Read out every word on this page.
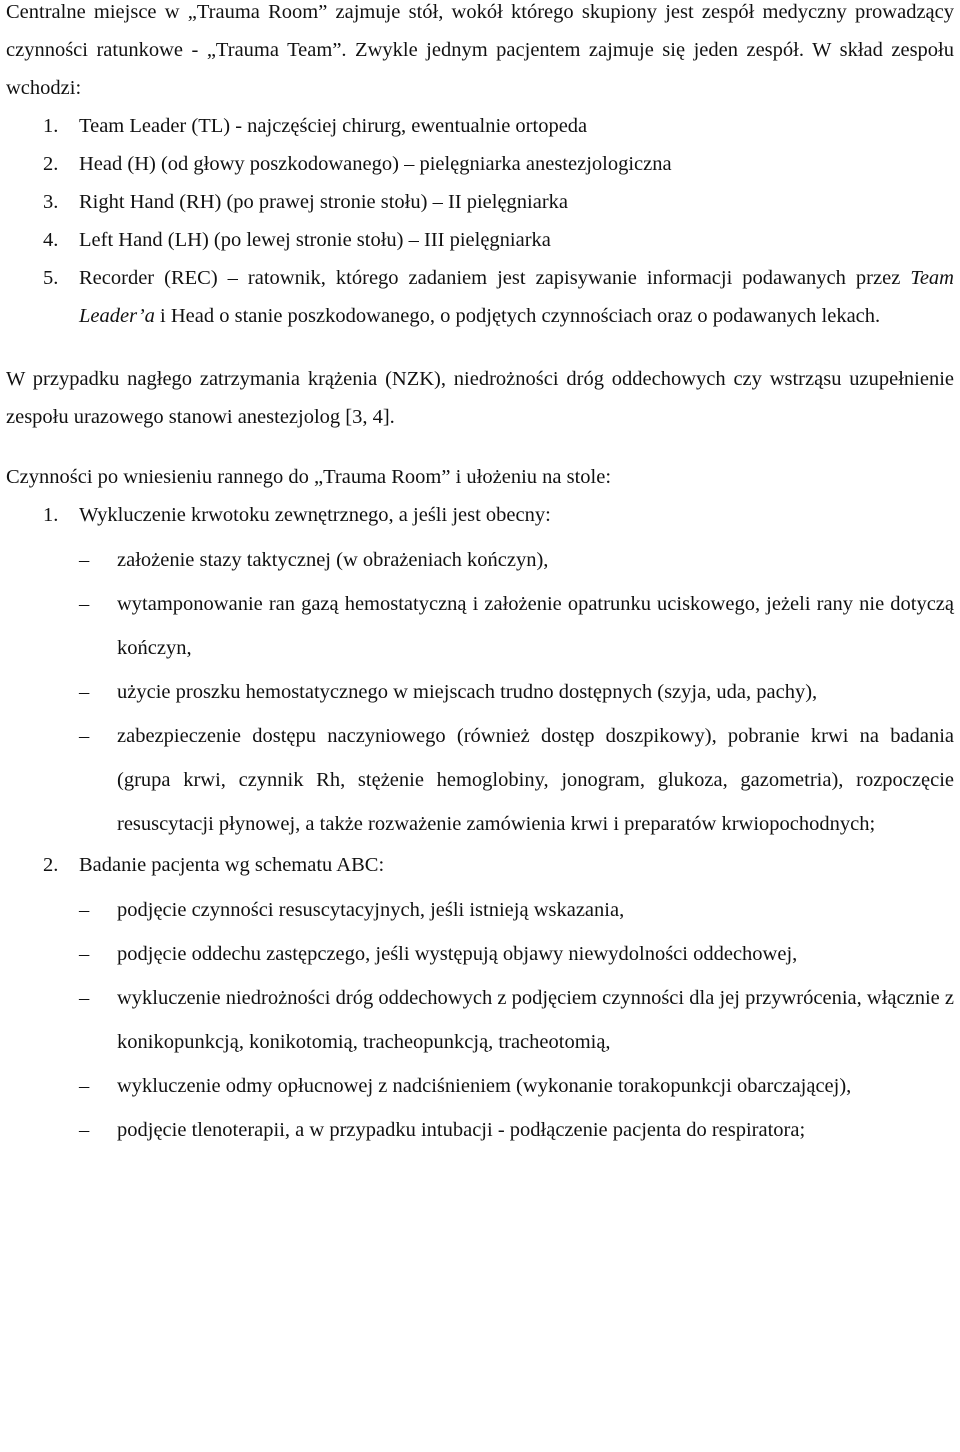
Centralne miejsce w „Trauma Room” zajmuje stół, wokół którego skupiony jest zespół medyczny prowadzący czynności ratunkowe - „Trauma Team”. Zwykle jednym pacjentem zajmuje się jeden zespół. W skład zespołu wchodzi:

1. Team Leader (TL) - najczęściej chirurg, ewentualnie ortopeda
2. Head (H) (od głowy poszkodowanego) – pielęgniarka anestezjologiczna
3. Right Hand (RH) (po prawej stronie stołu) – II pielęgniarka
4. Left Hand (LH) (po lewej stronie stołu) – III pielęgniarka
5. Recorder (REC) – ratownik, którego zadaniem jest zapisywanie informacji podawanych przez Team Leader’a i Head o stanie poszkodowanego, o podjętych czynnościach oraz o podawanych lekach.

W przypadku nagłego zatrzymania krążenia (NZK), niedrożności dróg oddechowych czy wstrząsu uzupełnienie zespołu urazowego stanowi anestezjolog [3, 4].

Czynności po wniesieniu rannego do „Trauma Room” i ułożeniu na stole:

1. Wykluczenie krwotoku zewnętrznego, a jeśli jest obecny:
– założenie stazy taktycznej (w obrażeniach kończyn),
– wytamponowanie ran gazą hemostatyczną i założenie opatrunku uciskowego, jeżeli rany nie dotyczą kończyn,
– użycie proszku hemostatycznego w miejscach trudno dostępnych (szyja, uda, pachy),
– zabezpieczenie dostępu naczyniowego (również dostęp doszpikowy), pobranie krwi na badania (grupa krwi, czynnik Rh, stężenie hemoglobiny, jonogram, glukoza, gazometria), rozpoczęcie resuscytacji płynowej, a także rozważenie zamówienia krwi i preparatów krwiopochodnych;
2. Badanie pacjenta wg schematu ABC:
– podjęcie czynności resuscytacyjnych, jeśli istnieją wskazania,
– podjęcie oddechu zastępczego, jeśli występują objawy niewydolności oddechowej,
– wykluczenie niedrożności dróg oddechowych z podjęciem czynności dla jej przywrócenia, włącznie z konikopunkcją, konikotomią, tracheopunkcją, tracheotomią,
– wykluczenie odmy opłucnowej z nadciśnieniem (wykonanie torakopunkcji obarczającej),
– podjęcie tlenoterapii, a w przypadku intubacji - podłączenie pacjenta do respiratora;
